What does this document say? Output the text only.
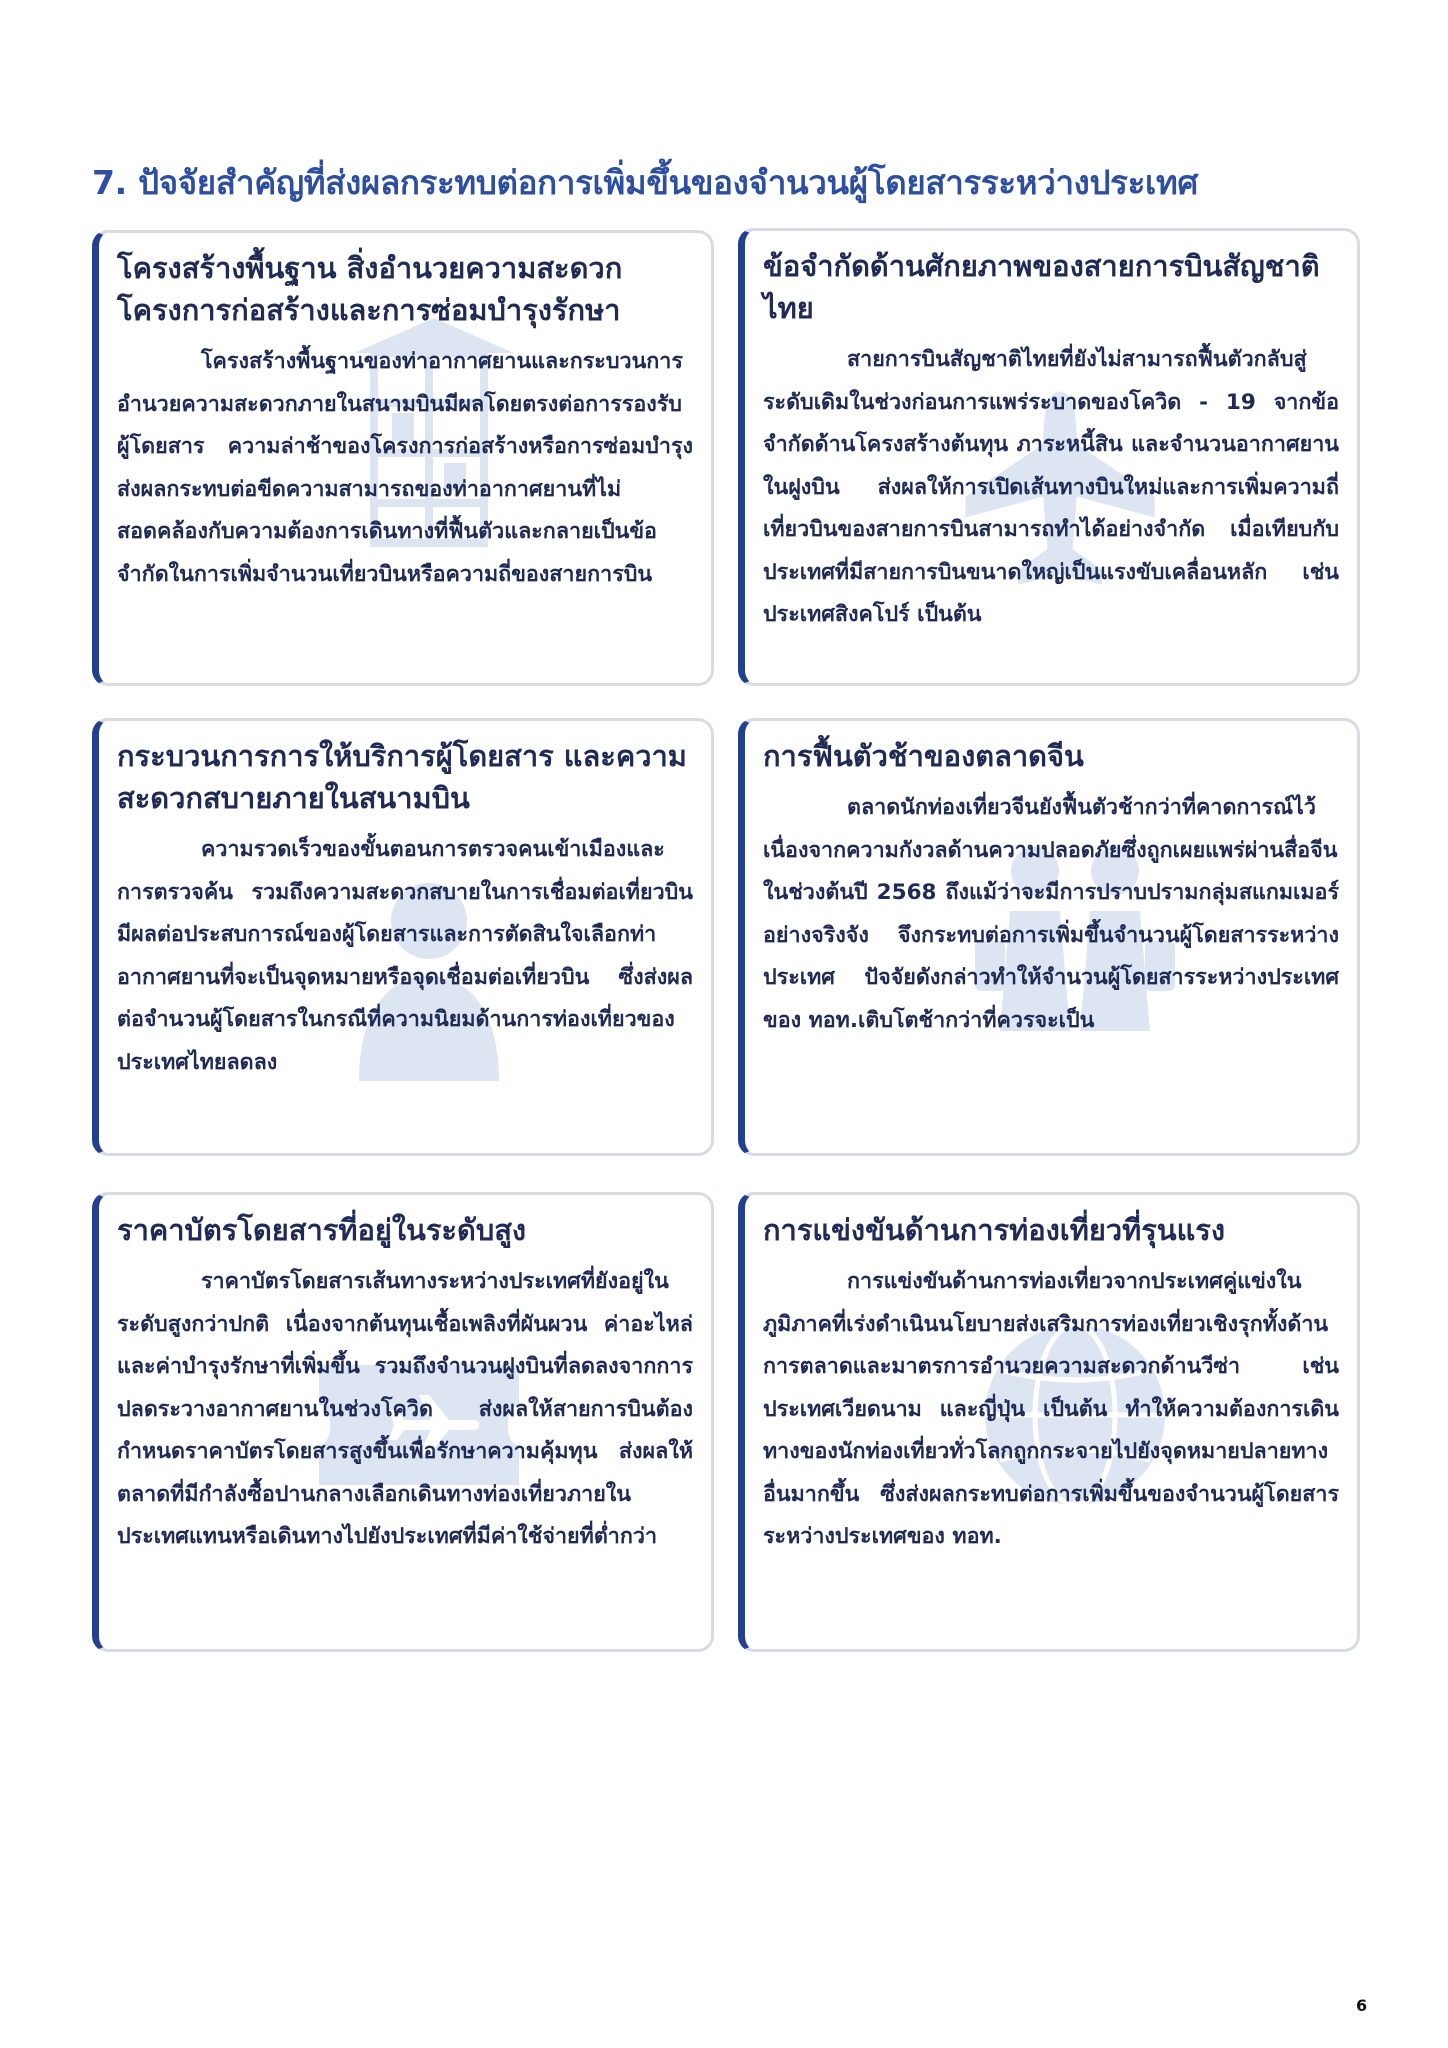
7. ปัจจัยสำคัญที่ส่งผลกระทบต่อการเพิ่มขึ้นของจำนวนผู้โดยสารระหว่างประเทศ
โครงสร้างพื้นฐาน สิ่งอำนวยความสะดวก โครงการก่อสร้างและการซ่อมบำรุงรักษา

โครงสร้างพื้นฐานของท่าอากาศยานและกระบวนการอำนวยความสะดวกภายในสนามบินมีผลโดยตรงต่อการรองรับผู้โดยสาร ความล่าช้าของโครงการก่อสร้างหรือการซ่อมบำรุง ส่งผลกระทบต่อขีดความสามารถของท่าอากาศยานที่ไม่สอดคล้องกับความต้องการเดินทางที่ฟื้นตัวและกลายเป็นข้อจำกัดในการเพิ่มจำนวนเที่ยวบินหรือความถี่ของสายการบิน

ข้อจำกัดด้านศักยภาพของสายการบินสัญชาติไทย

สายการบินสัญชาติไทยที่ยังไม่สามารถฟื้นตัวกลับสู่ระดับเดิมในช่วงก่อนการแพร่ระบาดของโควิด - 19 จากข้อจำกัดด้านโครงสร้างต้นทุน ภาระหนี้สิน และจำนวนอากาศยานในฝูงบิน ส่งผลให้การเปิดเส้นทางบินใหม่และการเพิ่มความถี่เที่ยวบินของสายการบินสามารถทำได้อย่างจำกัด เมื่อเทียบกับประเทศที่มีสายการบินขนาดใหญ่เป็นแรงขับเคลื่อนหลัก เช่น ประเทศสิงคโปร์ เป็นต้น

กระบวนการการให้บริการผู้โดยสาร และความสะดวกสบายภายในสนามบิน

ความรวดเร็วของขั้นตอนการตรวจคนเข้าเมืองและการตรวจค้น รวมถึงความสะดวกสบายในการเชื่อมต่อเที่ยวบินมีผลต่อประสบการณ์ของผู้โดยสารและการตัดสินใจเลือกท่าอากาศยานที่จะเป็นจุดหมายหรือจุดเชื่อมต่อเที่ยวบิน ซึ่งส่งผลต่อจำนวนผู้โดยสารในกรณีที่ความนิยมด้านการท่องเที่ยวของประเทศไทยลดลง

การฟื้นตัวช้าของตลาดจีน

ตลาดนักท่องเที่ยวจีนยังฟื้นตัวช้ากว่าที่คาดการณ์ไว้ เนื่องจากความกังวลด้านความปลอดภัยซึ่งถูกเผยแพร่ผ่านสื่อจีนในช่วงต้นปี 2568 ถึงแม้ว่าจะมีการปราบปรามกลุ่มสแกมเมอร์อย่างจริงจัง จึงกระทบต่อการเพิ่มขึ้นจำนวนผู้โดยสารระหว่างประเทศ ปัจจัยดังกล่าวทำให้จำนวนผู้โดยสารระหว่างประเทศของ ทอท.เติบโตช้ากว่าที่ควรจะเป็น

ราคาบัตรโดยสารที่อยู่ในระดับสูง

ราคาบัตรโดยสารเส้นทางระหว่างประเทศที่ยังอยู่ในระดับสูงกว่าปกติ เนื่องจากต้นทุนเชื้อเพลิงที่ผันผวน ค่าอะไหล่และค่าบำรุงรักษาที่เพิ่มขึ้น รวมถึงจำนวนฝูงบินที่ลดลงจากการปลดระวางอากาศยานในช่วงโควิด ส่งผลให้สายการบินต้องกำหนดราคาบัตรโดยสารสูงขึ้นเพื่อรักษาความคุ้มทุน ส่งผลให้ตลาดที่มีกำลังซื้อปานกลางเลือกเดินทางท่องเที่ยวภายในประเทศแทนหรือเดินทางไปยังประเทศที่มีค่าใช้จ่ายที่ต่ำกว่า

การแข่งขันด้านการท่องเที่ยวที่รุนแรง

การแข่งขันด้านการท่องเที่ยวจากประเทศคู่แข่งในภูมิภาคที่เร่งดำเนินนโยบายส่งเสริมการท่องเที่ยวเชิงรุกทั้งด้านการตลาดและมาตรการอำนวยความสะดวกด้านวีซ่า เช่น ประเทศเวียดนาม และญี่ปุ่น เป็นต้น ทำให้ความต้องการเดินทางของนักท่องเที่ยวทั่วโลกถูกกระจายไปยังจุดหมายปลายทางอื่นมากขึ้น ซึ่งส่งผลกระทบต่อการเพิ่มขึ้นของจำนวนผู้โดยสารระหว่างประเทศของ ทอท.

6
